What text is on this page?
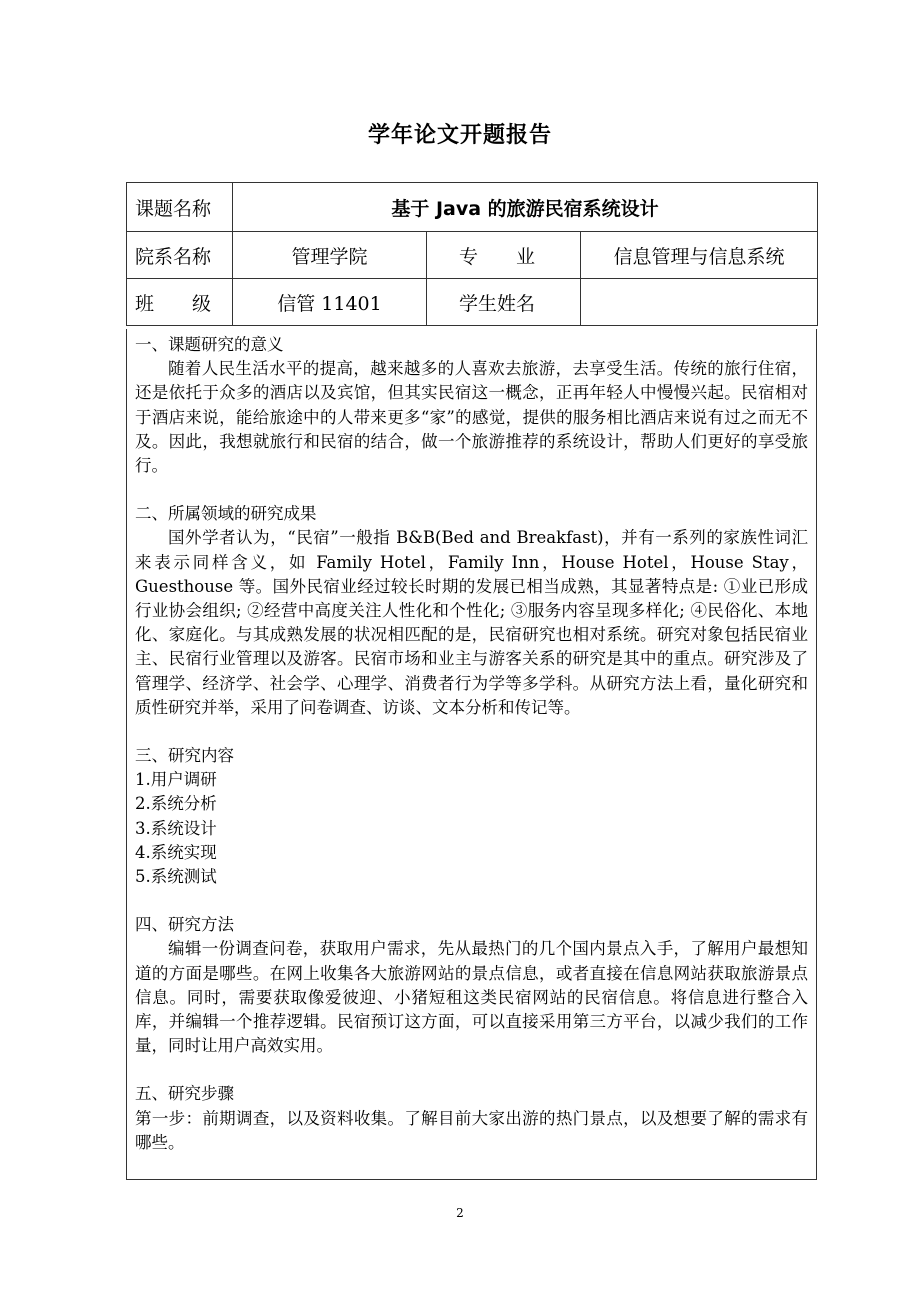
学年论文开题报告
课题名称	基于 Java 的旅游民宿系统设计		
院系名称	管理学院	专　　业	信息管理与信息系统
班　　级	信管 11401	学生姓名	

一、课题研究的意义

随着人民生活水平的提高，越来越多的人喜欢去旅游，去享受生活。传统的旅行住宿，还是依托于众多的酒店以及宾馆，但其实民宿这一概念，正再年轻人中慢慢兴起。民宿相对于酒店来说，能给旅途中的人带来更多“家”的感觉，提供的服务相比酒店来说有过之而无不及。因此，我想就旅行和民宿的结合，做一个旅游推荐的系统设计，帮助人们更好的享受旅行。

二、所属领域的研究成果

国外学者认为，“民宿”一般指 B&B(Bed and Breakfast)，并有一系列的家族性词汇来表示同样含义，如 Family Hotel，Family Inn，House Hotel，House Stay，Guesthouse 等。国外民宿业经过较长时期的发展已相当成熟，其显著特点是: ①业已形成行业协会组织; ②经营中高度关注人性化和个性化; ③服务内容呈现多样化; ④民俗化、本地化、家庭化。与其成熟发展的状况相匹配的是，民宿研究也相对系统。研究对象包括民宿业主、民宿行业管理以及游客。民宿市场和业主与游客关系的研究是其中的重点。研究涉及了管理学、经济学、社会学、心理学、消费者行为学等多学科。从研究方法上看，量化研究和质性研究并举，采用了问卷调查、访谈、文本分析和传记等。

三、研究内容

1.用户调研

2.系统分析

3.系统设计

4.系统实现

5.系统测试

四、研究方法

编辑一份调查问卷，获取用户需求，先从最热门的几个国内景点入手，了解用户最想知道的方面是哪些。在网上收集各大旅游网站的景点信息，或者直接在信息网站获取旅游景点信息。同时，需要获取像爱彼迎、小猪短租这类民宿网站的民宿信息。将信息进行整合入库，并编辑一个推荐逻辑。民宿预订这方面，可以直接采用第三方平台，以减少我们的工作量，同时让用户高效实用。

五、研究步骤

第一步：前期调查，以及资料收集。了解目前大家出游的热门景点，以及想要了解的需求有哪些。

2
